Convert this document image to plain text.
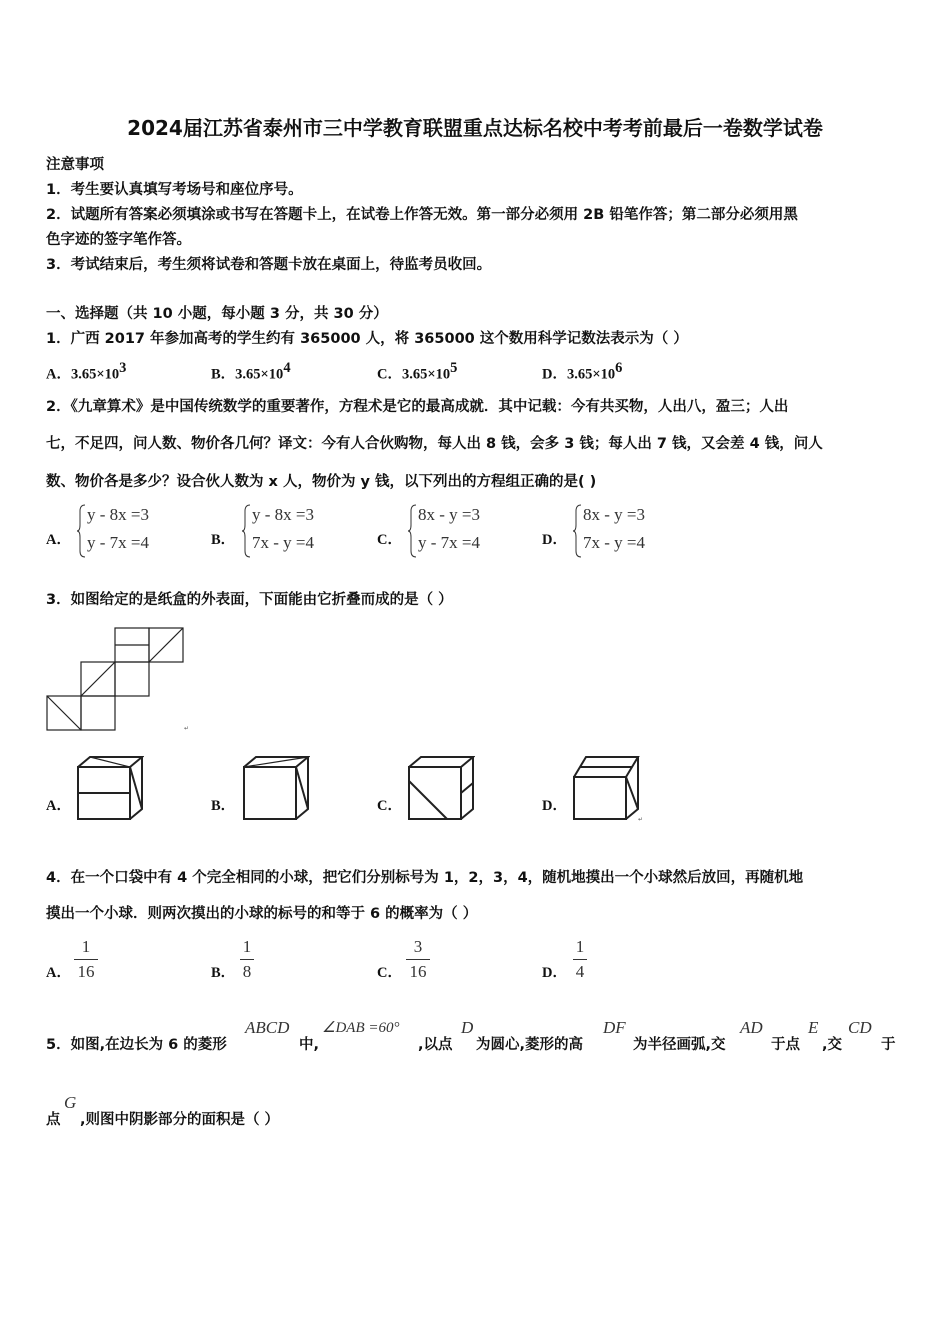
2024届江苏省泰州市三中学教育联盟重点达标名校中考考前最后一卷数学试卷
注意事项
1．考生要认真填写考场号和座位序号。
2．试题所有答案必须填涂或书写在答题卡上，在试卷上作答无效。第一部分必须用 2B 铅笔作答；第二部分必须用黑
色字迹的签字笔作答。
3．考试结束后，考生须将试卷和答题卡放在桌面上，待监考员收回。
一、选择题（共 10 小题，每小题 3 分，共 30 分）
1．广西 2017 年参加高考的学生约有 365000 人，将 365000 这个数用科学记数法表示为（ ）
A．$3.65\times 10^3$	B．$3.65\times 10^4$	C．$3.65\times 10^5$	D．$3.65\times 10^6$
2．《九章算术》是中国传统数学的重要著作，方程术是它的最高成就．其中记载：今有共买物，人出八，盈三；人出
七，不足四，问人数、物价各几何？译文：今有人合伙购物，每人出 8 钱，会多 3 钱；每人出 7 钱，又会差 4 钱，问人
数、物价各是多少？设合伙人数为 x 人，物价为 y 钱，以下列出的方程组正确的是( )
A．
y - 8x =3
y - 7x =4	B．
y - 8x =3
7x - y =4	C．
8x - y =3
y - 7x =4	D．
8x - y =3
7x - y =4
3．如图给定的是纸盒的外表面，下面能由它折叠而成的是（ ）
↵
A．	B．	C．	D．
↵
4．在一个口袋中有 4 个完全相同的小球，把它们分别标号为 1，2，3，4，随机地摸出一个小球然后放回，再随机地
摸出一个小球．则两次摸出的小球的标号的和等于 6 的概率为（ ）
A．
1
16	B．
1
8	C．
3
16	D．
1
4
5．如图,在边长为 6 的菱形
ABCD
中,
∠DAB =60°
,以点
D
为圆心,菱形的高
DF
为半径画弧,交
AD
于点
E
,交
CD
于
点
G
,则图中阴影部分的面积是（ ）
